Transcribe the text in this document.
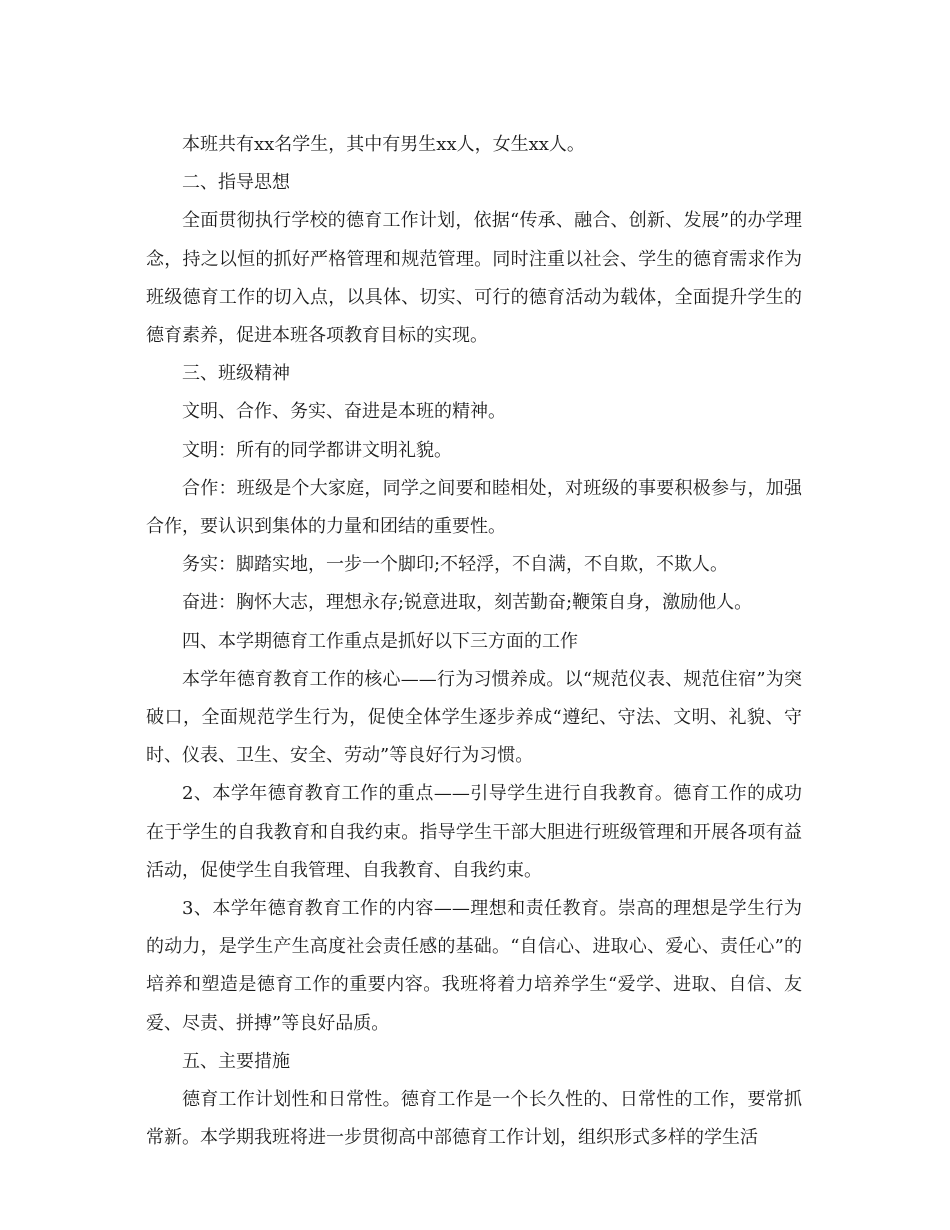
本班共有xx名学生，其中有男生xx人，女生xx人。

二、指导思想

全面贯彻执行学校的德育工作计划，依据“传承、融合、创新、发展”的办学理念，持之以恒的抓好严格管理和规范管理。同时注重以社会、学生的德育需求作为班级德育工作的切入点，以具体、切实、可行的德育活动为载体，全面提升学生的德育素养，促进本班各项教育目标的实现。

三、班级精神

文明、合作、务实、奋进是本班的精神。

文明：所有的同学都讲文明礼貌。

合作：班级是个大家庭，同学之间要和睦相处，对班级的事要积极参与，加强合作，要认识到集体的力量和团结的重要性。

务实：脚踏实地，一步一个脚印;不轻浮，不自满，不自欺，不欺人。

奋进：胸怀大志，理想永存;锐意进取，刻苦勤奋;鞭策自身，激励他人。

四、本学期德育工作重点是抓好以下三方面的工作

本学年德育教育工作的核心——行为习惯养成。以“规范仪表、规范住宿”为突破口，全面规范学生行为，促使全体学生逐步养成“遵纪、守法、文明、礼貌、守时、仪表、卫生、安全、劳动”等良好行为习惯。

2、本学年德育教育工作的重点——引导学生进行自我教育。德育工作的成功在于学生的自我教育和自我约束。指导学生干部大胆进行班级管理和开展各项有益活动，促使学生自我管理、自我教育、自我约束。

3、本学年德育教育工作的内容——理想和责任教育。崇高的理想是学生行为的动力，是学生产生高度社会责任感的基础。“自信心、进取心、爱心、责任心”的培养和塑造是德育工作的重要内容。我班将着力培养学生“爱学、进取、自信、友爱、尽责、拼搏”等良好品质。

五、主要措施

德育工作计划性和日常性。德育工作是一个长久性的、日常性的工作，要常抓常新。本学期我班将进一步贯彻高中部德育工作计划，组织形式多样的学生活
